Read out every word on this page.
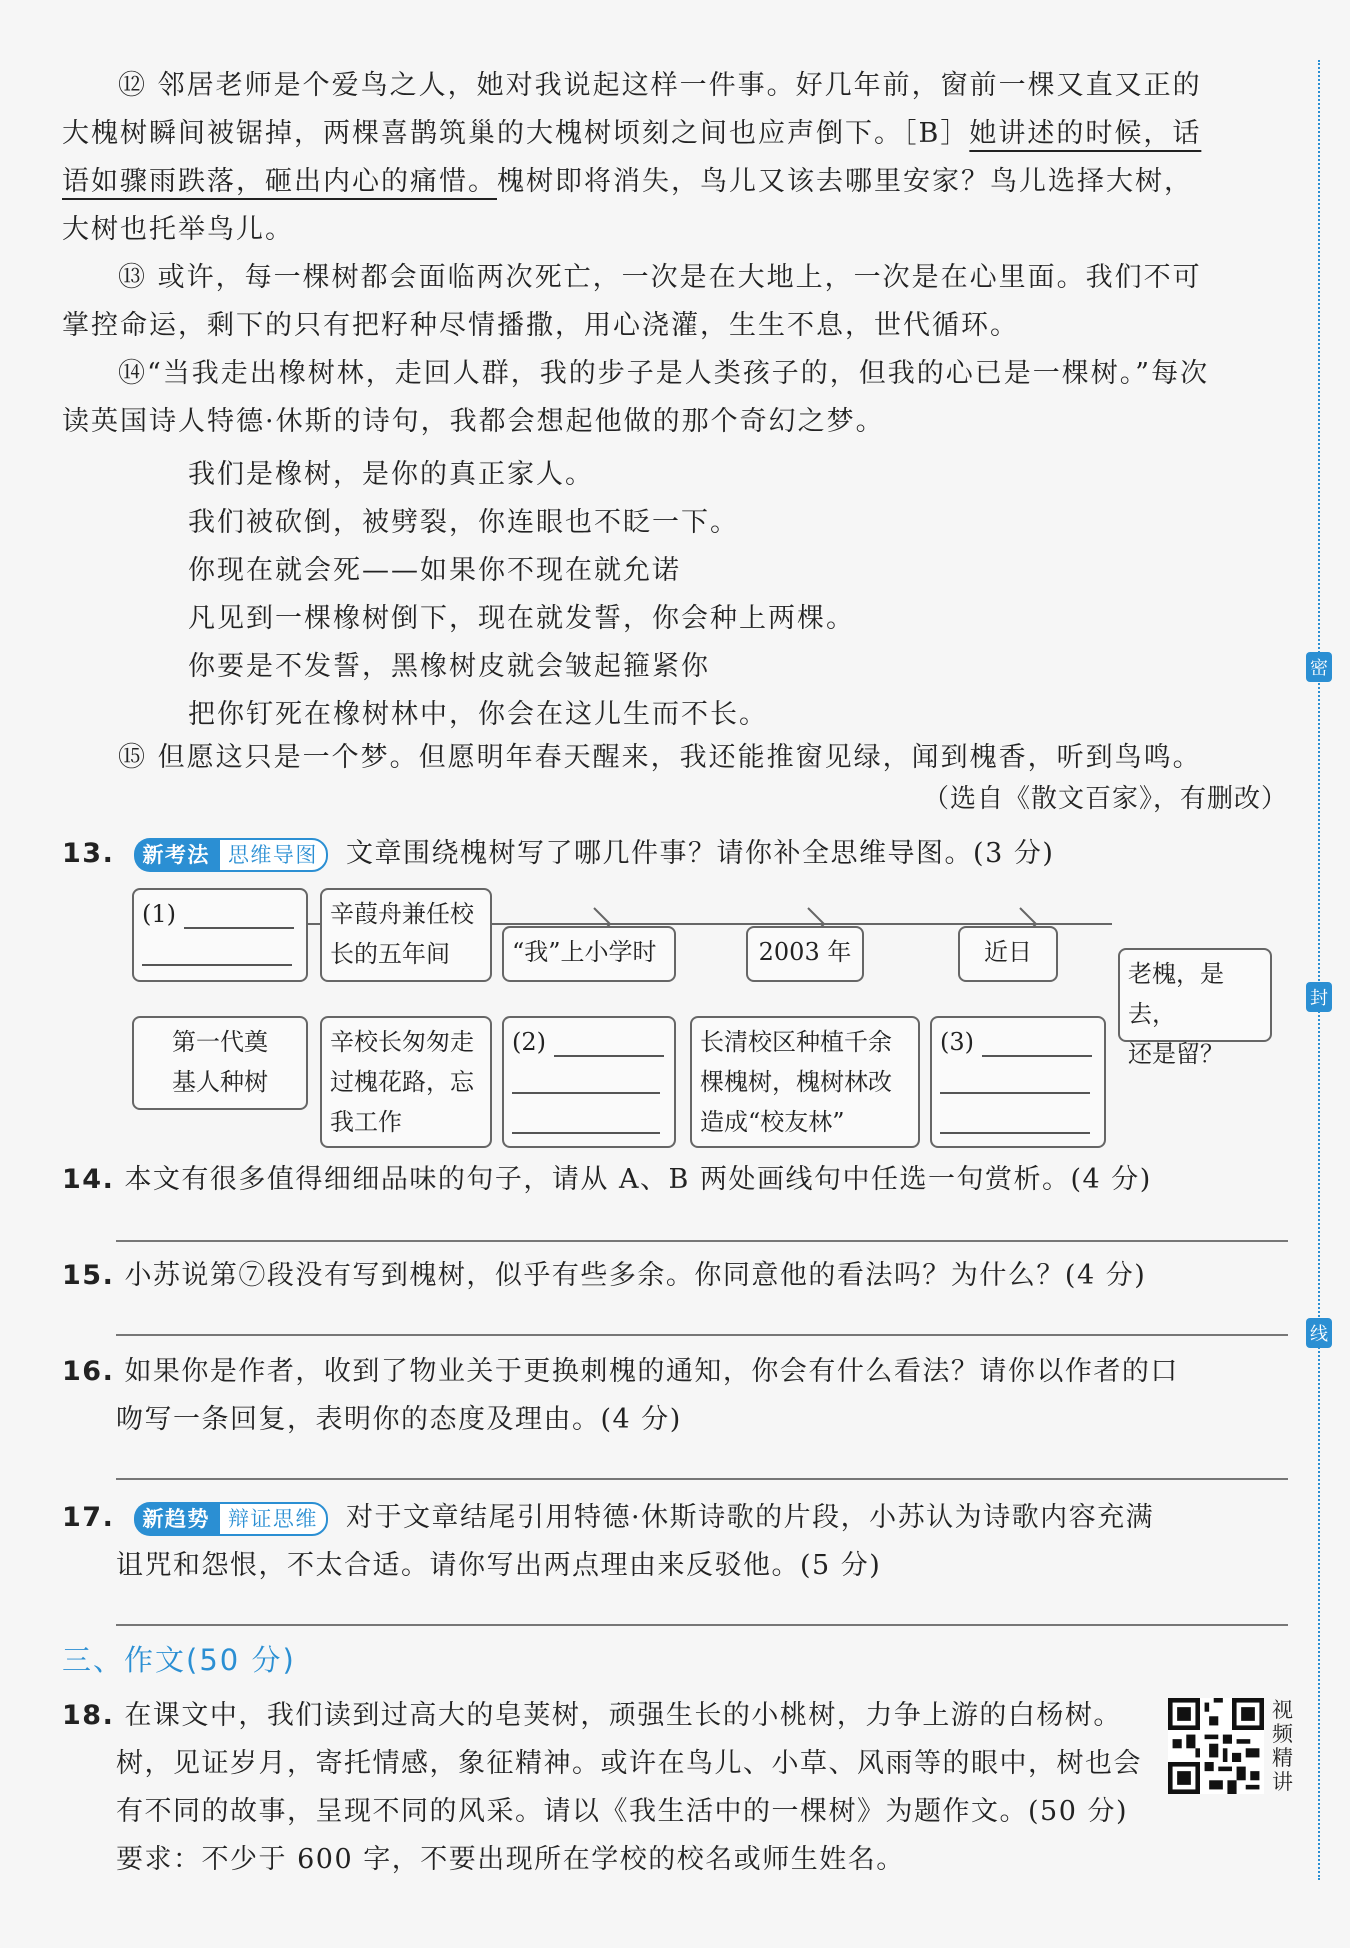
密
封
线
⑫ 邻居老师是个爱鸟之人，她对我说起这样一件事。好几年前，窗前一棵又直又正的
大槐树瞬间被锯掉，两棵喜鹊筑巢的大槐树顷刻之间也应声倒下。［B］她讲述的时候，话
语如骤雨跌落，砸出内心的痛惜。槐树即将消失，鸟儿又该去哪里安家？鸟儿选择大树，
大树也托举鸟儿。
⑬ 或许，每一棵树都会面临两次死亡，一次是在大地上，一次是在心里面。我们不可
掌控命运，剩下的只有把籽种尽情播撒，用心浇灌，生生不息，世代循环。
⑭“当我走出橡树林，走回人群，我的步子是人类孩子的，但我的心已是一棵树。”每次
读英国诗人特德·休斯的诗句，我都会想起他做的那个奇幻之梦。
我们是橡树，是你的真正家人。
我们被砍倒，被劈裂，你连眼也不眨一下。
你现在就会死——如果你不现在就允诺
凡见到一棵橡树倒下，现在就发誓，你会种上两棵。
你要是不发誓，黑橡树皮就会皱起箍紧你
把你钉死在橡树林中，你会在这儿生而不长。
⑮ 但愿这只是一个梦。但愿明年春天醒来，我还能推窗见绿，闻到槐香，听到鸟鸣。
（选自《散文百家》，有删改）
13.	新考法 思维导图	文章围绕槐树写了哪几件事？请你补全思维导图。(3 分)
(1)	辛葭舟兼任校
长的五年间	“我”上小学时	2003 年	近日
老槐，是去，
还是留？
第一代奠
基人种树
辛校长匆匆走
过槐花路，忘
我工作
(2)	长清校区种植千余
棵槐树，槐树林改
造成“校友林”
(3)
14. 本文有很多值得细细品味的句子，请从 A、B 两处画线句中任选一句赏析。(4 分)
15. 小苏说第⑦段没有写到槐树，似乎有些多余。你同意他的看法吗？为什么？(4 分)
16. 如果你是作者，收到了物业关于更换刺槐的通知，你会有什么看法？请你以作者的口
吻写一条回复，表明你的态度及理由。(4 分)
17.	新趋势 辩证思维	对于文章结尾引用特德·休斯诗歌的片段，小苏认为诗歌内容充满
诅咒和怨恨，不太合适。请你写出两点理由来反驳他。(5 分)
三、作文(50 分)
18. 在课文中，我们读到过高大的皂荚树，顽强生长的小桃树，力争上游的白杨树。
树，见证岁月，寄托情感，象征精神。或许在鸟儿、小草、风雨等的眼中，树也会
有不同的故事，呈现不同的风采。请以《我生活中的一棵树》为题作文。(50 分)
要求：不少于 600 字，不要出现所在学校的校名或师生姓名。
视频精讲
